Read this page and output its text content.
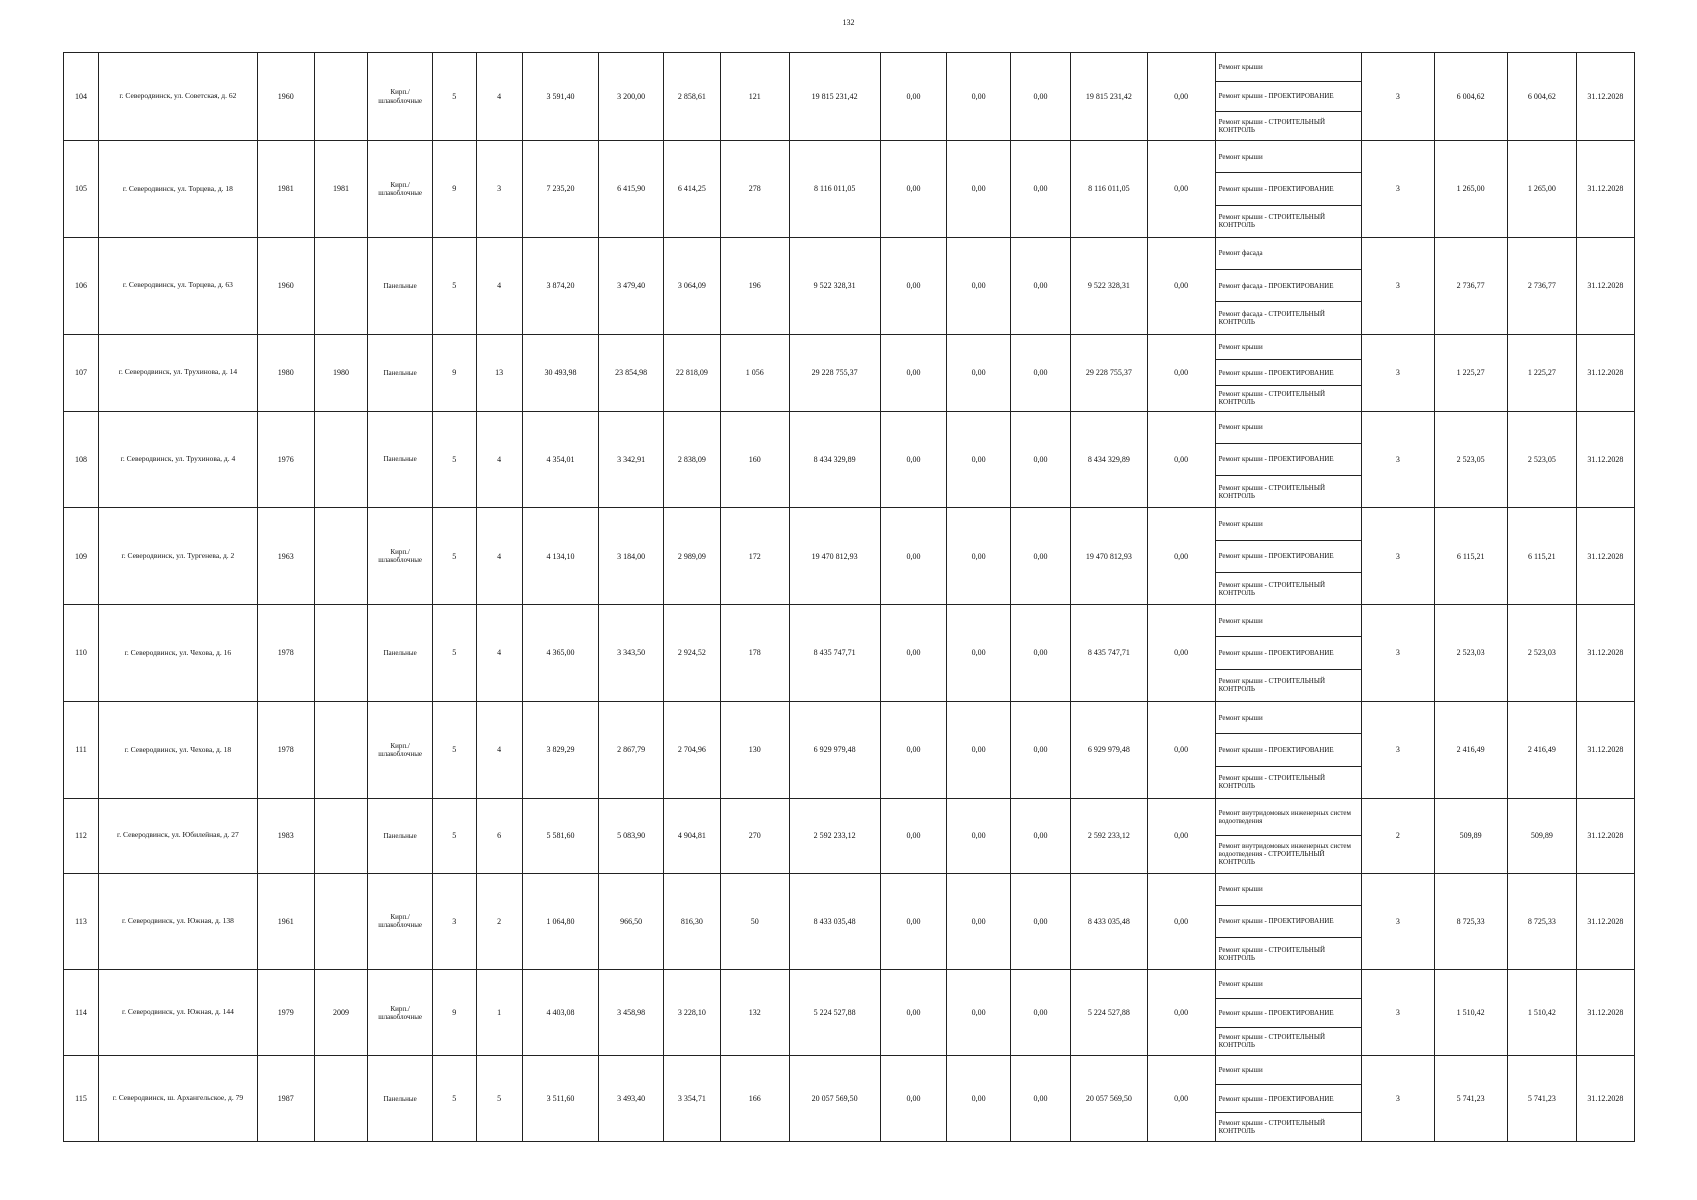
132
104	г. Северодвинск, ул. Советская, д. 62	1960		Кирп./шлакоблочные	5	4	3 591,40	3 200,00	2 858,61	121	19 815 231,42	0,00	0,00	0,00	19 815 231,42	0,00	Ремонт крыши
Ремонт крыши - ПРОЕКТИРОВАНИЕ
Ремонт крыши - СТРОИТЕЛЬНЫЙ КОНТРОЛЬ	3	6 004,62	6 004,62	31.12.2028
105	г. Северодвинск, ул. Торцева, д. 18	1981	1981	Кирп./шлакоблочные	9	3	7 235,20	6 415,90	6 414,25	278	8 116 011,05	0,00	0,00	0,00	8 116 011,05	0,00	Ремонт крыши
Ремонт крыши - ПРОЕКТИРОВАНИЕ
Ремонт крыши - СТРОИТЕЛЬНЫЙ КОНТРОЛЬ	3	1 265,00	1 265,00	31.12.2028
106	г. Северодвинск, ул. Торцева, д. 63	1960		Панельные	5	4	3 874,20	3 479,40	3 064,09	196	9 522 328,31	0,00	0,00	0,00	9 522 328,31	0,00	Ремонт фасада
Ремонт фасада - ПРОЕКТИРОВАНИЕ
Ремонт фасада - СТРОИТЕЛЬНЫЙ КОНТРОЛЬ	3	2 736,77	2 736,77	31.12.2028
107	г. Северодвинск, ул. Трухинова, д. 14	1980	1980	Панельные	9	13	30 493,98	23 854,98	22 818,09	1 056	29 228 755,37	0,00	0,00	0,00	29 228 755,37	0,00	Ремонт крыши
Ремонт крыши - ПРОЕКТИРОВАНИЕ
Ремонт крыши - СТРОИТЕЛЬНЫЙ КОНТРОЛЬ	3	1 225,27	1 225,27	31.12.2028
108	г. Северодвинск, ул. Трухинова, д. 4	1976		Панельные	5	4	4 354,01	3 342,91	2 838,09	160	8 434 329,89	0,00	0,00	0,00	8 434 329,89	0,00	Ремонт крыши
Ремонт крыши - ПРОЕКТИРОВАНИЕ
Ремонт крыши - СТРОИТЕЛЬНЫЙ КОНТРОЛЬ	3	2 523,05	2 523,05	31.12.2028
109	г. Северодвинск, ул. Тургенева, д. 2	1963		Кирп./шлакоблочные	5	4	4 134,10	3 184,00	2 989,09	172	19 470 812,93	0,00	0,00	0,00	19 470 812,93	0,00	Ремонт крыши
Ремонт крыши - ПРОЕКТИРОВАНИЕ
Ремонт крыши - СТРОИТЕЛЬНЫЙ КОНТРОЛЬ	3	6 115,21	6 115,21	31.12.2028
110	г. Северодвинск, ул. Чехова, д. 16	1978		Панельные	5	4	4 365,00	3 343,50	2 924,52	178	8 435 747,71	0,00	0,00	0,00	8 435 747,71	0,00	Ремонт крыши
Ремонт крыши - ПРОЕКТИРОВАНИЕ
Ремонт крыши - СТРОИТЕЛЬНЫЙ КОНТРОЛЬ	3	2 523,03	2 523,03	31.12.2028
111	г. Северодвинск, ул. Чехова, д. 18	1978		Кирп./шлакоблочные	5	4	3 829,29	2 867,79	2 704,96	130	6 929 979,48	0,00	0,00	0,00	6 929 979,48	0,00	Ремонт крыши
Ремонт крыши - ПРОЕКТИРОВАНИЕ
Ремонт крыши - СТРОИТЕЛЬНЫЙ КОНТРОЛЬ	3	2 416,49	2 416,49	31.12.2028
112	г. Северодвинск, ул. Юбилейная, д. 27	1983		Панельные	5	6	5 581,60	5 083,90	4 904,81	270	2 592 233,12	0,00	0,00	0,00	2 592 233,12	0,00	Ремонт внутридомовых инженерных систем водоотведения
Ремонт внутридомовых инженерных систем водоотведения - СТРОИТЕЛЬНЫЙ КОНТРОЛЬ	2	509,89	509,89	31.12.2028
113	г. Северодвинск, ул. Южная, д. 138	1961		Кирп./шлакоблочные	3	2	1 064,80	966,50	816,30	50	8 433 035,48	0,00	0,00	0,00	8 433 035,48	0,00	Ремонт крыши
Ремонт крыши - ПРОЕКТИРОВАНИЕ
Ремонт крыши - СТРОИТЕЛЬНЫЙ КОНТРОЛЬ	3	8 725,33	8 725,33	31.12.2028
114	г. Северодвинск, ул. Южная, д. 144	1979	2009	Кирп./шлакоблочные	9	1	4 403,08	3 458,98	3 228,10	132	5 224 527,88	0,00	0,00	0,00	5 224 527,88	0,00	Ремонт крыши
Ремонт крыши - ПРОЕКТИРОВАНИЕ
Ремонт крыши - СТРОИТЕЛЬНЫЙ КОНТРОЛЬ	3	1 510,42	1 510,42	31.12.2028
115	г. Северодвинск, ш. Архангельское, д. 79	1987		Панельные	5	5	3 511,60	3 493,40	3 354,71	166	20 057 569,50	0,00	0,00	0,00	20 057 569,50	0,00	Ремонт крыши
Ремонт крыши - ПРОЕКТИРОВАНИЕ
Ремонт крыши - СТРОИТЕЛЬНЫЙ КОНТРОЛЬ	3	5 741,23	5 741,23	31.12.2028
